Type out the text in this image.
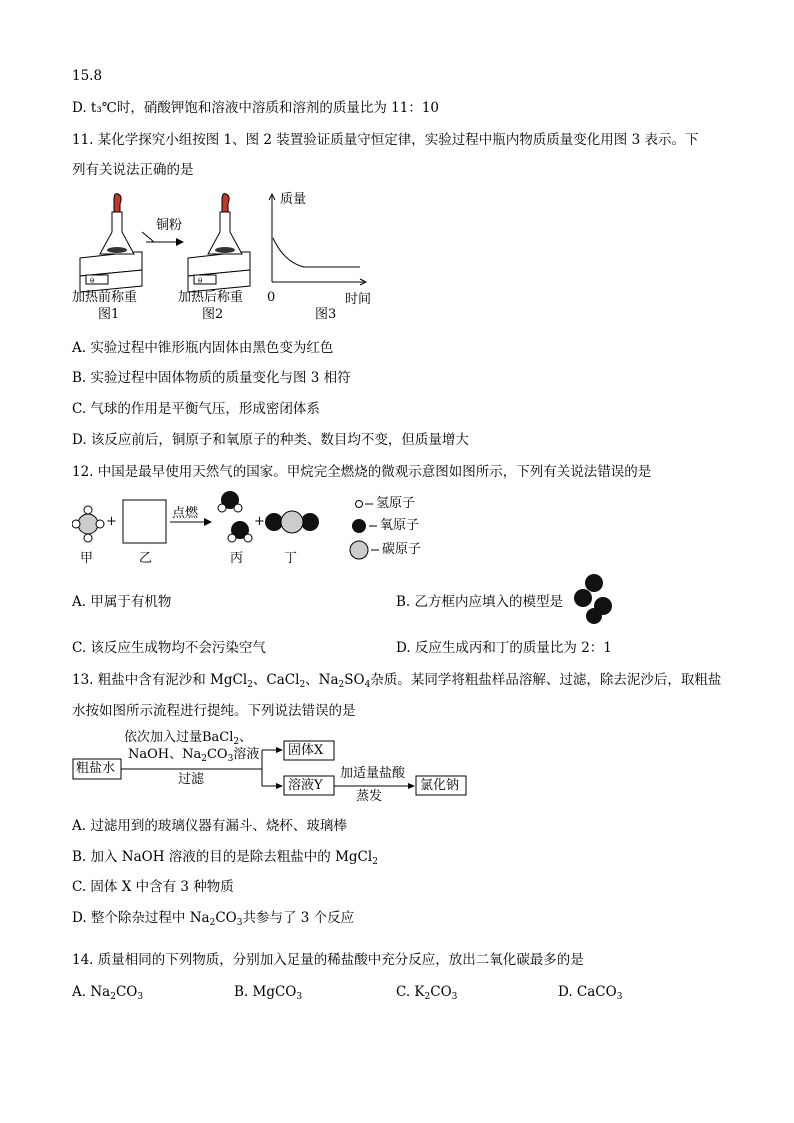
15.8
D. t₃℃时，硝酸钾饱和溶液中溶质和溶剂的质量比为 11：10
11. 某化学探究小组按图 1、图 2 装置验证质量守恒定律，实验过程中瓶内物质质量变化用图 3 表示。下
列有关说法正确的是
θ	θ
铜粉
加热前称重
图1
加热后称重
图2
质量
0	时间
图3
A. 实验过程中锥形瓶内固体由黑色变为红色
B. 实验过程中固体物质的质量变化与图 3 相符
C. 气球的作用是平衡气压，形成密闭体系
D. 该反应前后，铜原子和氧原子的种类、数目均不变，但质量增大
12. 中国是最早使用天然气的国家。甲烷完全燃烧的微观示意图如图所示，下列有关说法错误的是
+	+
点燃
甲	乙	丙	丁
氢原子
氧原子
碳原子
A. 甲属于有机物	B. 乙方框内应填入的模型是
C. 该反应生成物均不会污染空气	D. 反应生成丙和丁的质量比为 2：1
13. 粗盐中含有泥沙和 MgCl$_2$、CaCl$_2$、$Na_2SO_4$杂质。某同学将粗盐样品溶解、过滤，除去泥沙后，取粗盐
水按如图所示流程进行提纯。下列说法错误的是
粗盐水
依次加入过量BaCl$_2$、
NaOH、$Na_2CO_3$溶液
过滤
固体X
溶液Y
加适量盐酸
蒸发
氯化钠
A. 过滤用到的玻璃仪器有漏斗、烧杯、玻璃棒
B. 加入 NaOH 溶液的目的是除去粗盐中的 MgCl$_2$
C. 固体 X 中含有 3 种物质
D. 整个除杂过程中 $Na_2CO_3$共参与了 3 个反应
14. 质量相同的下列物质，分别加入足量的稀盐酸中充分反应，放出二氧化碳最多的是
A. $Na_2CO_3$	B. MgCO$_3$	C. $K_2CO_3$	D. CaCO$_3$
